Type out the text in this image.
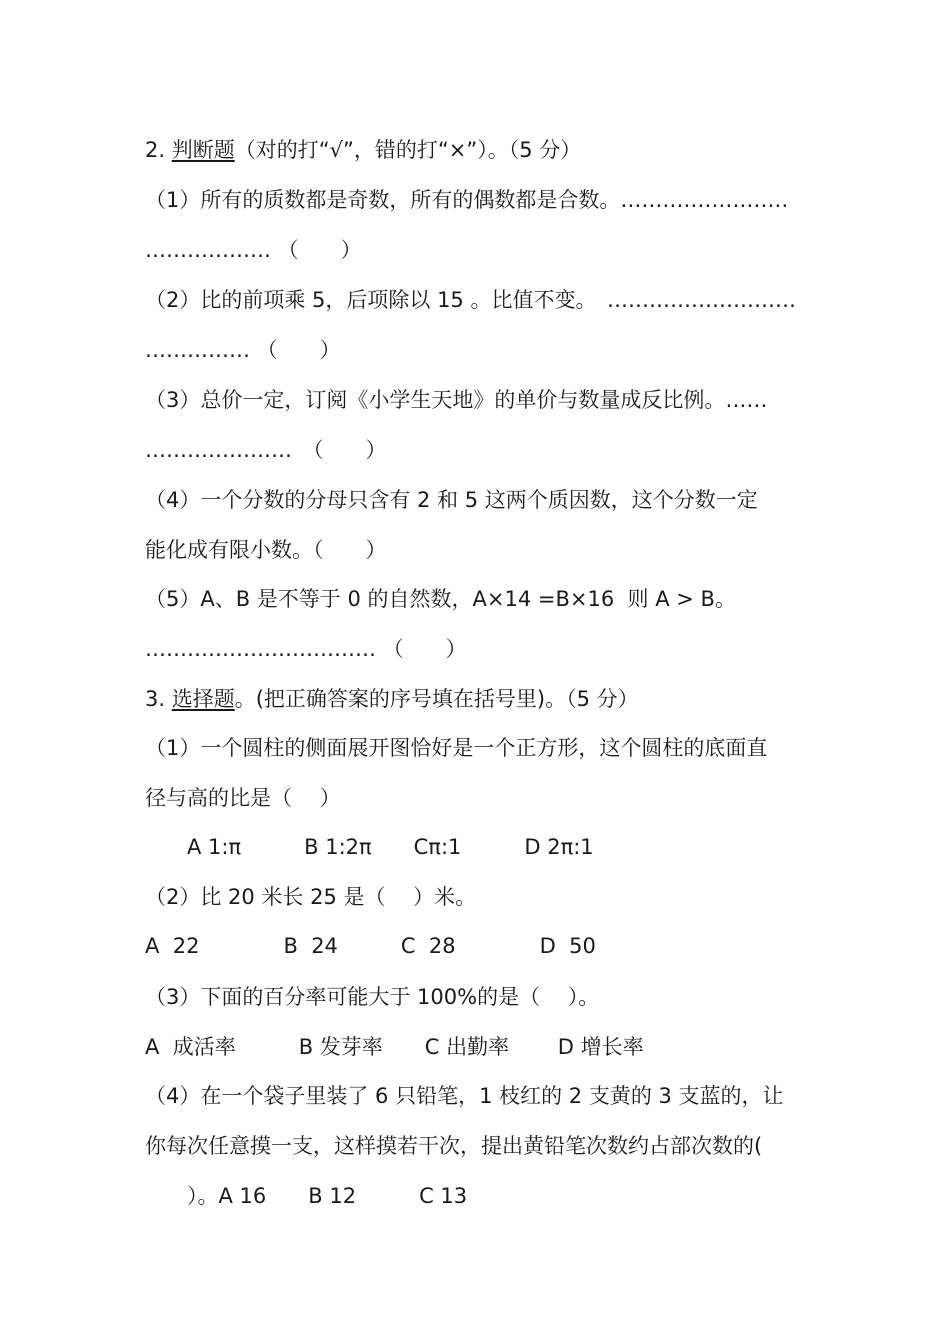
2. 判断题（对的打“√”，错的打“×”）。（5 分）
（1）所有的质数都是奇数，所有的偶数都是合数。……………………
……………… （　　）
（2）比的前项乘 5，后项除以 15 。比值不变。　………………………
…………… （　　）
（3）总价一定，订阅《小学生天地》的单价与数量成反比例。……
…………………　（　　）
（4）一个分数的分母只含有 2 和 5 这两个质因数，这个分数一定
能化成有限小数。（　　）
（5）A、B 是不等于 0 的自然数，A×14 =B×16  则 A > B。
…………………………… （　　）
3. 选择题。(把正确答案的序号填在括号里)。（5 分）
（1）一个圆柱的侧面展开图恰好是一个正方形，这个圆柱的底面直
径与高的比是（　 ）
A 1:π　　　B 1:2π　　Cπ:1　　　D 2π:1
（2）比 20 米长 25 是（　 ）米。
A  22　　　　B  24　　　C  28　　　　D  50
（3）下面的百分率可能大于 100%的是（　 ）。
A  成活率　　　B 发芽率　　C 出勤率　　 D 增长率
（4）在一个袋子里装了 6 只铅笔，1 枝红的 2 支黄的 3 支蓝的，让
你每次任意摸一支，这样摸若干次，提出黄铅笔次数约占部次数的(
　　）。A 16　　B 12　　　C 13
